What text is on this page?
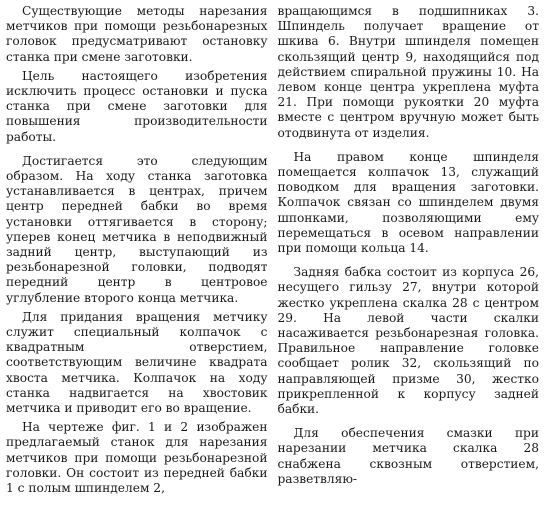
Существующие методы нарезания метчиков при помощи резьбонарезных головок предусматривают остановку станка при смене заготовки.

Цель настоящего изобретения исключить процесс остановки и пуска станка при смене заготовки для повышения производительности работы.

Достигается это следующим образом. На ходу станка заготовка устанавливается в центрах, причем центр передней бабки во время установки оттягивается в сторону; уперев конец метчика в неподвижный задний центр, выступающий из резьбонарезной головки, подводят передний центр в центровое углубление второго конца метчика.

Для придания вращения метчику служит специальный колпачок с квадратным отверстием, соответствующим величине квадрата хвоста метчика. Колпачок на ходу станка надвигается на хвостовик метчика и приводит его во вращение.

На чертеже фиг. 1 и 2 изображен предлагаемый станок для нарезания метчиков при помощи резьбонарезной головки. Он состоит из передней бабки 1 с полым шпинделем 2,

вращающимся в подшипниках 3. Шпиндель получает вращение от шкива 6. Внутри шпинделя помещен скользящий центр 9, находящийся под действием спиральной пружины 10. На левом конце центра укреплена муфта 21. При помощи рукоятки 20 муфта вместе с центром вручную может быть отодвинута от изделия.

На правом конце шпинделя помещается колпачок 13, служащий поводком для вращения заготовки. Колпачок связан со шпинделем двумя шпонками, позволяющими ему перемещаться в осевом направлении при помощи кольца 14.

Задняя бабка состоит из корпуса 26, несущего гильзу 27, внутри которой жестко укреплена скалка 28 с центром 29. На левой части скалки насаживается резьбонарезная головка. Правильное направление головке сообщает ролик 32, скользящий по направляющей призме 30, жестко прикрепленной к корпусу задней бабки.

Для обеспечения смазки при нарезании метчика скалка 28 снабжена сквозным отверстием, разветвляю-
